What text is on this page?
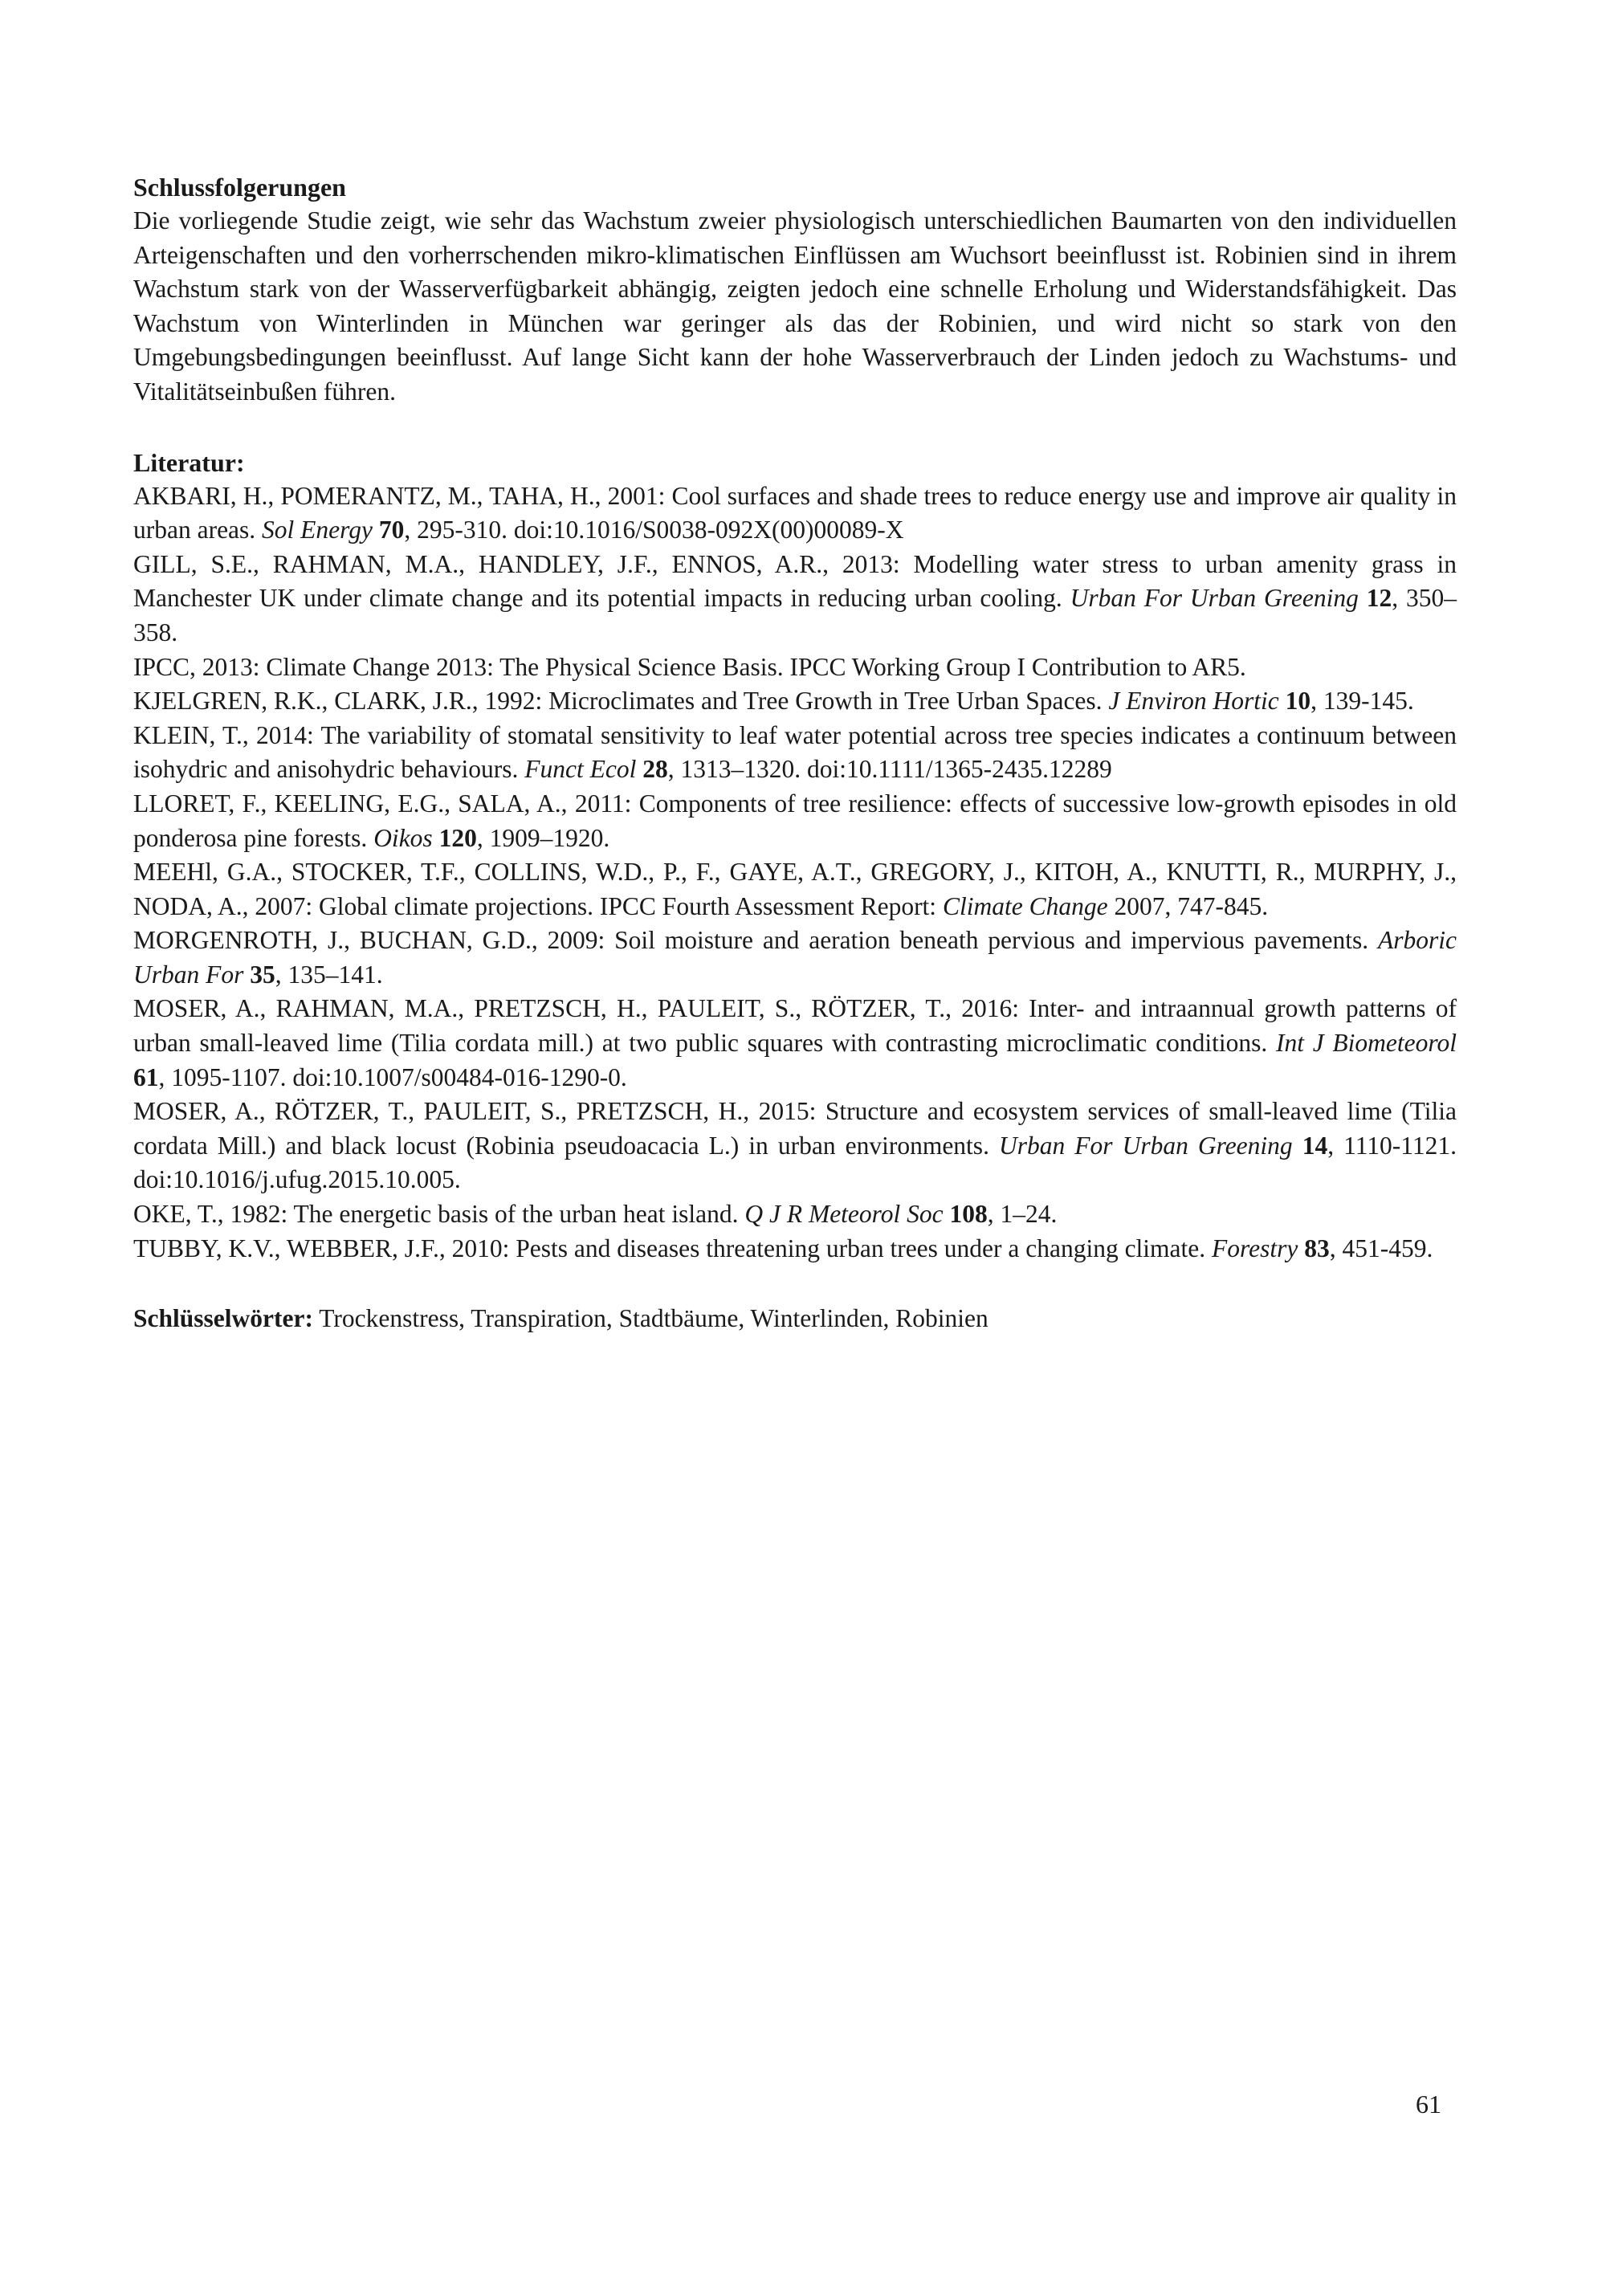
Schlussfolgerungen

Die vorliegende Studie zeigt, wie sehr das Wachstum zweier physiologisch unterschiedlichen Baumarten von den individuellen Arteigenschaften und den vorherrschenden mikro-klimatischen Einflüssen am Wuchsort beeinflusst ist. Robinien sind in ihrem Wachstum stark von der Wasserverfügbarkeit abhängig, zeigten jedoch eine schnelle Erholung und Widerstandsfähigkeit. Das Wachstum von Winterlinden in München war geringer als das der Robinien, und wird nicht so stark von den Umgebungsbedingungen beeinflusst. Auf lange Sicht kann der hohe Wasserverbrauch der Linden jedoch zu Wachstums- und Vitalitätseinbußen führen.

Literatur:

AKBARI, H., POMERANTZ, M., TAHA, H., 2001: Cool surfaces and shade trees to reduce energy use and improve air quality in urban areas. Sol Energy 70, 295-310. doi:10.1016/S0038-092X(00)00089-X

GILL, S.E., RAHMAN, M.A., HANDLEY, J.F., ENNOS, A.R., 2013: Modelling water stress to urban amenity grass in Manchester UK under climate change and its potential impacts in reducing urban cooling. Urban For Urban Greening 12, 350–358.

IPCC, 2013: Climate Change 2013: The Physical Science Basis. IPCC Working Group I Contribution to AR5.

KJELGREN, R.K., CLARK, J.R., 1992: Microclimates and Tree Growth in Tree Urban Spaces. J Environ Hortic 10, 139-145.

KLEIN, T., 2014: The variability of stomatal sensitivity to leaf water potential across tree species indicates a continuum between isohydric and anisohydric behaviours. Funct Ecol 28, 1313–1320. doi:10.1111/1365-2435.12289

LLORET, F., KEELING, E.G., SALA, A., 2011: Components of tree resilience: effects of successive low-growth episodes in old ponderosa pine forests. Oikos 120, 1909–1920.

MEEHl, G.A., STOCKER, T.F., COLLINS, W.D., P., F., GAYE, A.T., GREGORY, J., KITOH, A., KNUTTI, R., MURPHY, J., NODA, A., 2007: Global climate projections. IPCC Fourth Assessment Report: Climate Change 2007, 747-845.

MORGENROTH, J., BUCHAN, G.D., 2009: Soil moisture and aeration beneath pervious and impervious pavements. Arboric Urban For 35, 135–141.

MOSER, A., RAHMAN, M.A., PRETZSCH, H., PAULEIT, S., RÖTZER, T., 2016: Inter- and intraannual growth patterns of urban small-leaved lime (Tilia cordata mill.) at two public squares with contrasting microclimatic conditions. Int J Biometeorol 61, 1095-1107. doi:10.1007/s00484-016-1290-0.

MOSER, A., RÖTZER, T., PAULEIT, S., PRETZSCH, H., 2015: Structure and ecosystem services of small-leaved lime (Tilia cordata Mill.) and black locust (Robinia pseudoacacia L.) in urban environments. Urban For Urban Greening 14, 1110-1121. doi:10.1016/j.ufug.2015.10.005.

OKE, T., 1982: The energetic basis of the urban heat island. Q J R Meteorol Soc 108, 1–24.

TUBBY, K.V., WEBBER, J.F., 2010: Pests and diseases threatening urban trees under a changing climate. Forestry 83, 451-459.

Schlüsselwörter: Trockenstress, Transpiration, Stadtbäume, Winterlinden, Robinien

61
